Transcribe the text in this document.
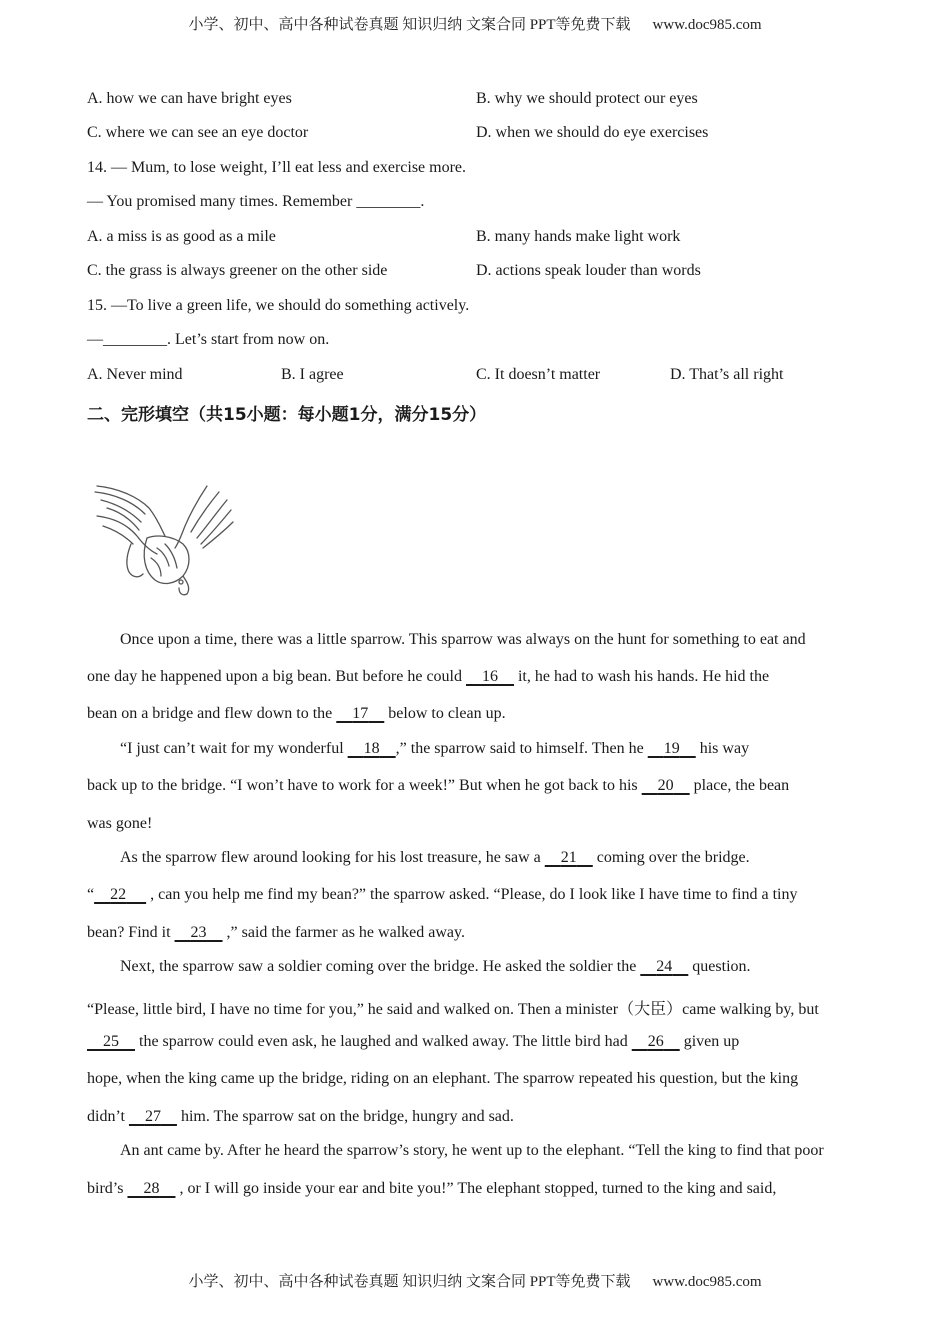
小学、初中、高中各种试卷真题 知识归纳 文案合同 PPT等免费下载 www.doc985.com
A. how we can have bright eyes	B. why we should protect our eyes
C. where we can see an eye doctor	D. when we should do eye exercises
14. — Mum, to lose weight, I’ll eat less and exercise more.
— You promised many times. Remember ________.
A. a miss is as good as a mile	B. many hands make light work
C. the grass is always greener on the other side	D. actions speak louder than words
15. —To live a green life, we should do something actively.
—________. Let’s start from now on.
A. Never mind	B. I agree	C. It doesn’t matter	D. That’s all right
二、完形填空（共15小题：每小题1分，满分15分）
Once upon a time, there was a little sparrow. This sparrow was always on the hunt for something to eat and
one day he happened upon a big bean. But before he could     16     it, he had to wash his hands. He hid the
bean on a bridge and flew down to the     17     below to clean up.
“I just can’t wait for my wonderful     18 ,” the sparrow said to himself. Then he     19     his way
back up to the bridge. “I won’t have to work for a week!” But when he got back to his     20     place, the bean
was gone!
As the sparrow flew around looking for his lost treasure, he saw a     21     coming over the bridge.
“ 22      , can you help me find my bean?” the sparrow asked. “Please, do I look like I have time to find a tiny
bean? Find it     23     ,” said the farmer as he walked away.
Next, the sparrow saw a soldier coming over the bridge. He asked the soldier the     24     question.
“Please, little bird, I have no time for you,” he said and walked on. Then a minister（大臣）came walking by, but
25     the sparrow could even ask, he laughed and walked away. The little bird had     26     given up
hope, when the king came up the bridge, riding on an elephant. The sparrow repeated his question, but the king
didn’t     27     him. The sparrow sat on the bridge, hungry and sad.
An ant came by. After he heard the sparrow’s story, he went up to the elephant. “Tell the king to find that poor
bird’s     28     , or I will go inside your ear and bite you!” The elephant stopped, turned to the king and said,
小学、初中、高中各种试卷真题 知识归纳 文案合同 PPT等免费下载 www.doc985.com
